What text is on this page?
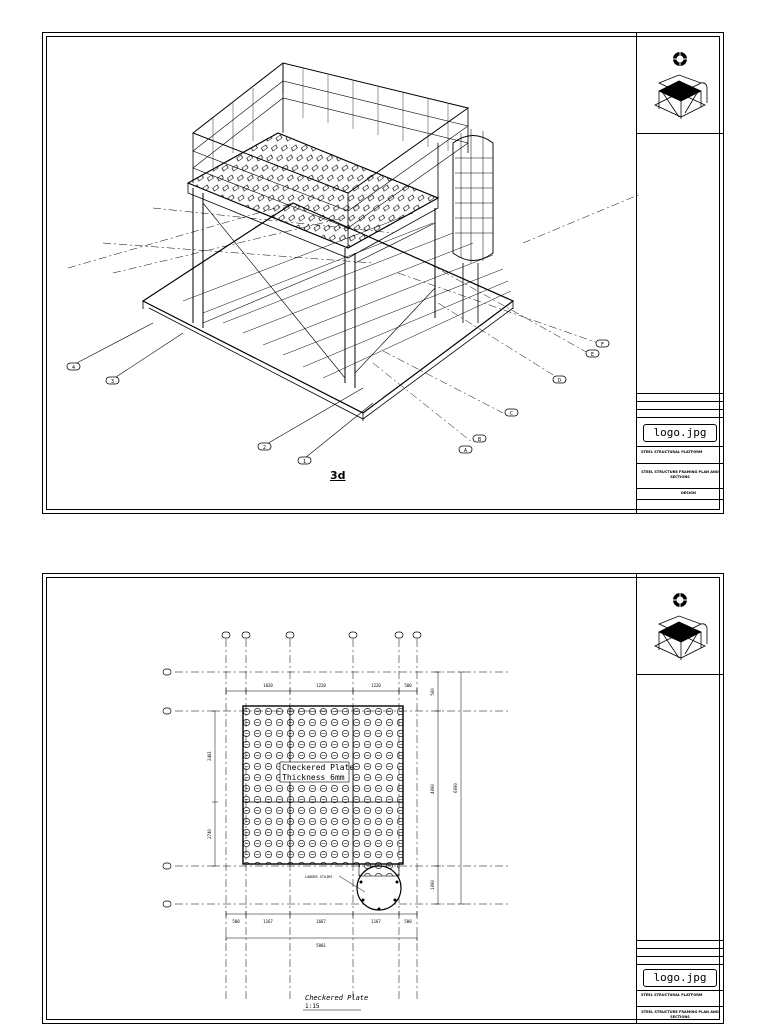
4
3
2
1
A
B
C
D
E
F
3d
logo.jpg
STEEL STRUCTURAL PLATFORM
STEEL STRUCTURE FRAMING PLAN AND SECTIONS
DESIGN
Checkered Plate
Thickness 6mm
LADDER STAIRS
1020	1220	1220	500
500	1167	1667	1167	500
5001
2401
2740
500
4000	6000
1000
Checkered Plate
1:15
logo.jpg
STEEL STRUCTURAL PLATFORM
STEEL STRUCTURE FRAMING PLAN AND SECTIONS
